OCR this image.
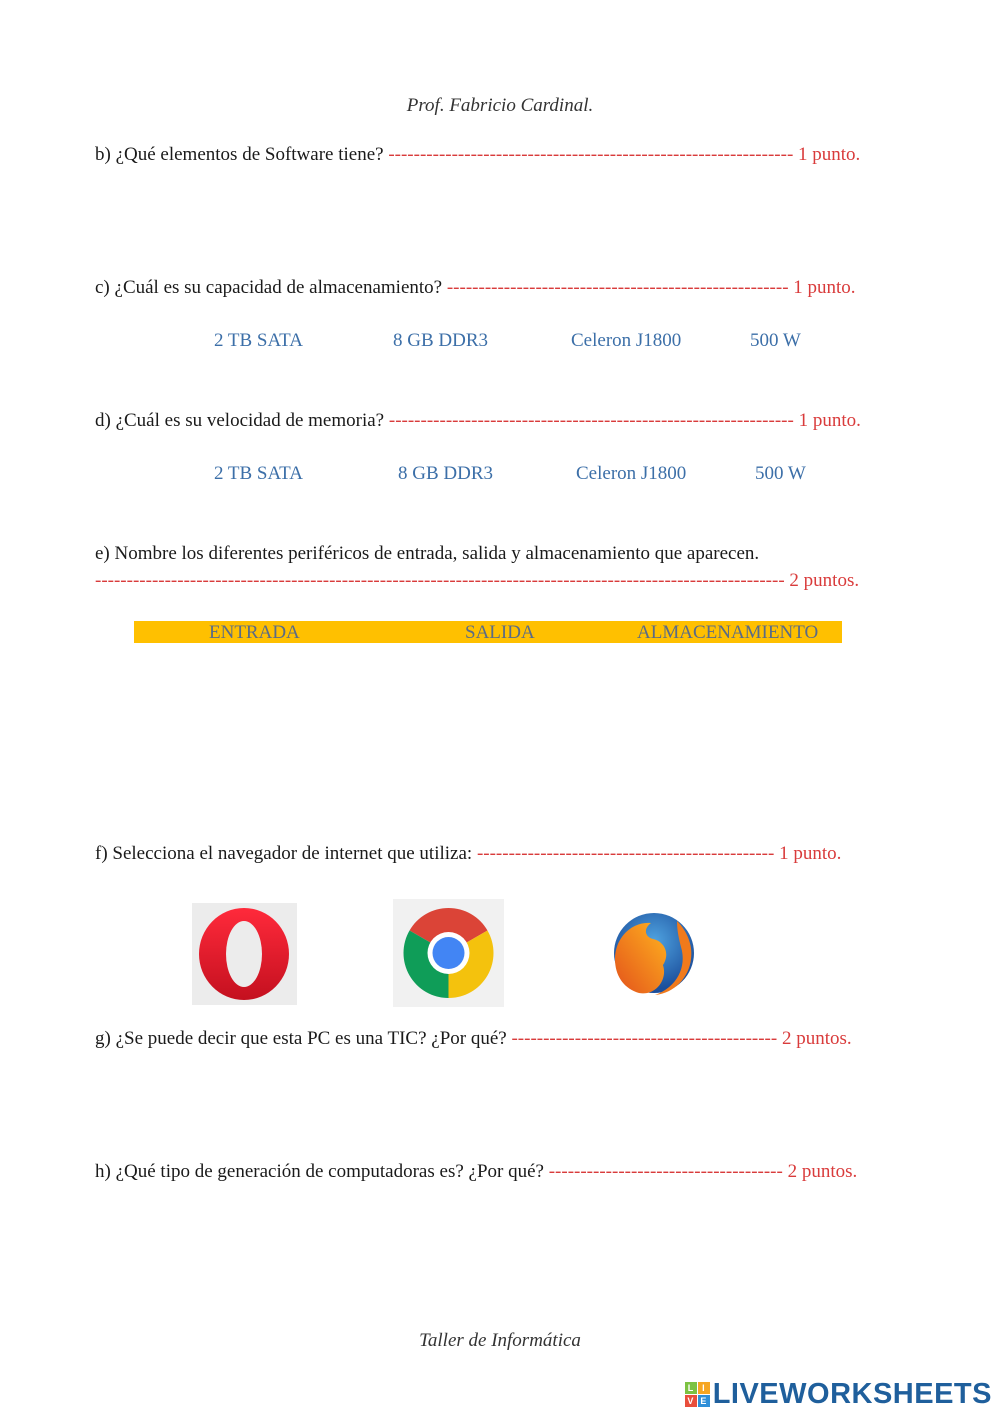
Prof. Fabricio Cardinal.
b) ¿Qué elementos de Software tiene? ---------------------------------------------------------------- 1 punto.
c) ¿Cuál es su capacidad de almacenamiento? ------------------------------------------------------ 1 punto.
2 TB SATA	8 GB DDR3	Celeron J1800	500 W
d) ¿Cuál es su velocidad de memoria? ---------------------------------------------------------------- 1 punto.
2 TB SATA	8 GB DDR3	Celeron J1800	500 W
e) Nombre los diferentes periféricos de entrada, salida y almacenamiento que aparecen.
------------------------------------------------------------------------------------------------------------- 2 puntos.
ENTRADA	SALIDA	ALMACENAMIENTO
f) Selecciona el navegador de internet que utiliza: ----------------------------------------------- 1 punto.
g) ¿Se puede decir que esta PC es una TIC? ¿Por qué? ------------------------------------------ 2 puntos.
h) ¿Qué tipo de generación de computadoras es? ¿Por qué? ------------------------------------- 2 puntos.
Taller de Informática
L I
V E LIVEWORKSHEETS
